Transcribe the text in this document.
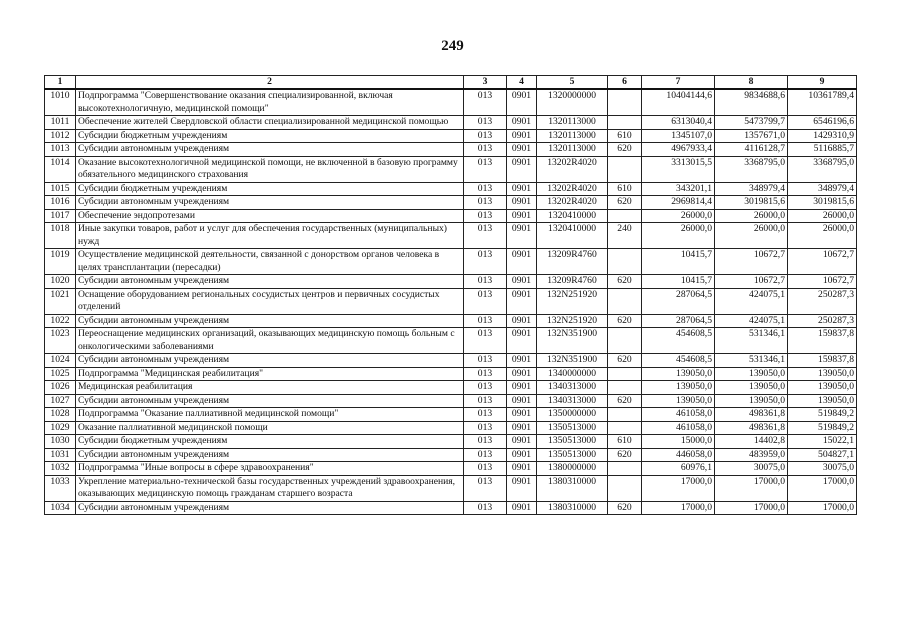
249
1	2	3	4	5	6	7	8	9
1010	Подпрограмма "Совершенствование оказания специализированной, включая высокотехнологичную, медицинской помощи"	013	0901	1320000000		10404144,6	9834688,6	10361789,4
1011	Обеспечение жителей Свердловской области специализированной медицинской помощью	013	0901	1320113000		6313040,4	5473799,7	6546196,6
1012	Субсидии бюджетным учреждениям	013	0901	1320113000	610	1345107,0	1357671,0	1429310,9
1013	Субсидии автономным учреждениям	013	0901	1320113000	620	4967933,4	4116128,7	5116885,7
1014	Оказание высокотехнологичной медицинской помощи, не включенной в базовую программу обязательного медицинского страхования	013	0901	13202R4020		3313015,5	3368795,0	3368795,0
1015	Субсидии бюджетным учреждениям	013	0901	13202R4020	610	343201,1	348979,4	348979,4
1016	Субсидии автономным учреждениям	013	0901	13202R4020	620	2969814,4	3019815,6	3019815,6
1017	Обеспечение эндопротезами	013	0901	1320410000		26000,0	26000,0	26000,0
1018	Иные закупки товаров, работ и услуг для обеспечения государственных (муниципальных) нужд	013	0901	1320410000	240	26000,0	26000,0	26000,0
1019	Осуществление медицинской деятельности, связанной с донорством органов человека в целях трансплантации (пересадки)	013	0901	13209R4760		10415,7	10672,7	10672,7
1020	Субсидии автономным учреждениям	013	0901	13209R4760	620	10415,7	10672,7	10672,7
1021	Оснащение оборудованием региональных сосудистых центров и первичных сосудистых отделений	013	0901	132N251920		287064,5	424075,1	250287,3
1022	Субсидии автономным учреждениям	013	0901	132N251920	620	287064,5	424075,1	250287,3
1023	Переоснащение медицинских организаций, оказывающих медицинскую помощь больным с онкологическими заболеваниями	013	0901	132N351900		454608,5	531346,1	159837,8
1024	Субсидии автономным учреждениям	013	0901	132N351900	620	454608,5	531346,1	159837,8
1025	Подпрограмма "Медицинская реабилитация"	013	0901	1340000000		139050,0	139050,0	139050,0
1026	Медицинская реабилитация	013	0901	1340313000		139050,0	139050,0	139050,0
1027	Субсидии автономным учреждениям	013	0901	1340313000	620	139050,0	139050,0	139050,0
1028	Подпрограмма "Оказание паллиативной медицинской помощи"	013	0901	1350000000		461058,0	498361,8	519849,2
1029	Оказание паллиативной медицинской помощи	013	0901	1350513000		461058,0	498361,8	519849,2
1030	Субсидии бюджетным учреждениям	013	0901	1350513000	610	15000,0	14402,8	15022,1
1031	Субсидии автономным учреждениям	013	0901	1350513000	620	446058,0	483959,0	504827,1
1032	Подпрограмма "Иные вопросы в сфере здравоохранения"	013	0901	1380000000		60976,1	30075,0	30075,0
1033	Укрепление материально-технической базы государственных учреждений здравоохранения, оказывающих медицинскую помощь гражданам старшего возраста	013	0901	1380310000		17000,0	17000,0	17000,0
1034	Субсидии автономным учреждениям	013	0901	1380310000	620	17000,0	17000,0	17000,0
